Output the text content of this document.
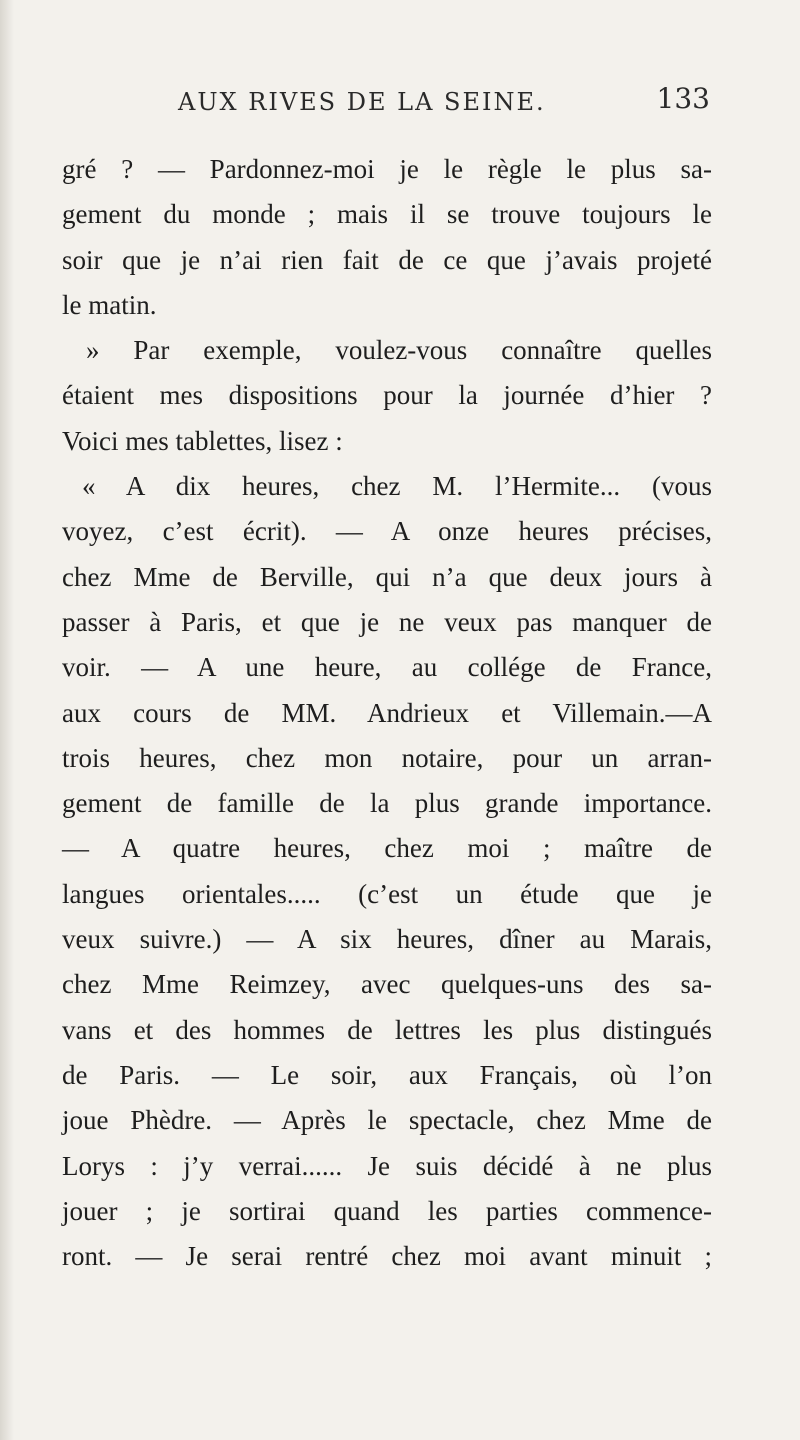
AUX RIVES DE LA SEINE.	133
gré ? — Pardonnez-moi je le règle le plus sa-
gement du monde ; mais il se trouve toujours le
soir que je n’ai rien fait de ce que j’avais projeté
le matin.
» Par exemple, voulez-vous connaître quelles
étaient mes dispositions pour la journée d’hier ?
Voici mes tablettes, lisez :
« A dix heures, chez M. l’Hermite... (vous
voyez, c’est écrit). — A onze heures précises,
chez Mme de Berville, qui n’a que deux jours à
passer à Paris, et que je ne veux pas manquer de
voir. — A une heure, au collége de France,
aux cours de MM. Andrieux et Villemain.—A
trois heures, chez mon notaire, pour un arran-
gement de famille de la plus grande importance.
— A quatre heures, chez moi ; maître de
langues orientales..... (c’est un étude que je
veux suivre.) — A six heures, dîner au Marais,
chez Mme Reimzey, avec quelques-uns des sa-
vans et des hommes de lettres les plus distingués
de Paris. — Le soir, aux Français, où l’on
joue Phèdre. — Après le spectacle, chez Mme de
Lorys : j’y verrai...... Je suis décidé à ne plus
jouer ; je sortirai quand les parties commence-
ront. — Je serai rentré chez moi avant minuit ;
